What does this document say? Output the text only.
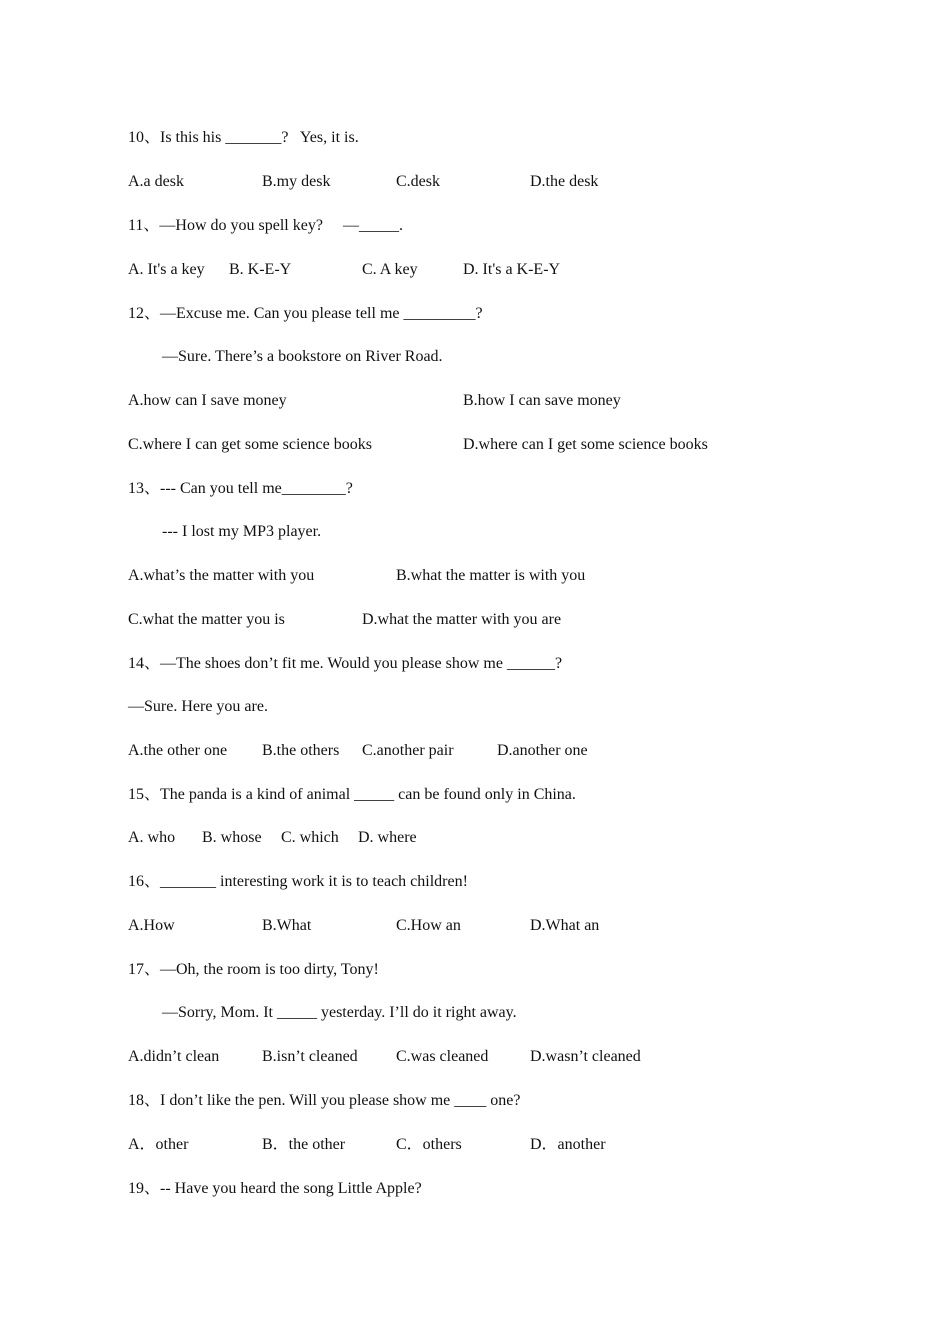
10、Is this his _______?   Yes, it is.
A.a desk	B.my desk	C.desk	D.the desk
11、—How do you spell key?     —_____.
A. It's a key B. K-E-Y	C. A key	D. It's a K-E-Y
12、—Excuse me. Can you please tell me _________?
—Sure. There’s a bookstore on River Road.
A.how can I save money	B.how I can save money
C.where I can get some science books	D.where can I get some science books
13、--- Can you tell me________?
--- I lost my MP3 player.
A.what’s the matter with you	B.what the matter is with you
C.what the matter you is	D.what the matter with you are
14、—The shoes don’t fit me. Would you please show me ______?
—Sure. Here you are.
A.the other one B.the others C.another pair	D.another one
15、The panda is a kind of animal _____ can be found only in China.
A. who B. whose C. which D. where
16、_______ interesting work it is to teach children!
A.How	B.What	C.How an	D.What an
17、—Oh, the room is too dirty, Tony!
—Sorry, Mom. It _____ yesterday. I’ll do it right away.
A.didn’t clean	B.isn’t cleaned C.was cleaned	D.wasn’t cleaned
18、I don’t like the pen. Will you please show me ____ one?
A．other	B．the other	C．others	D．another
19、-- Have you heard the song Little Apple?
